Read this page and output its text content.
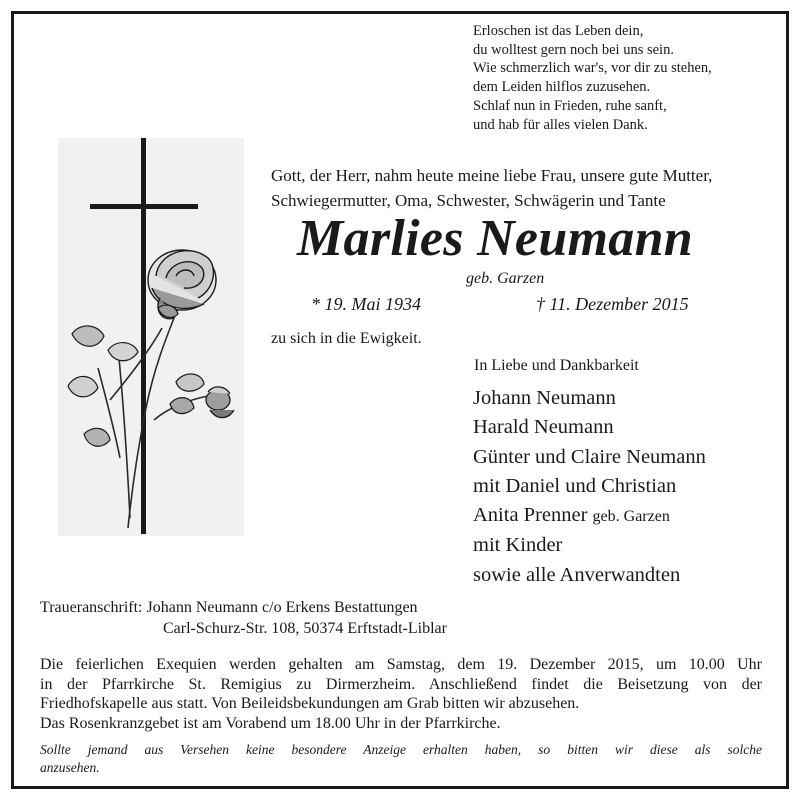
Erloschen ist das Leben dein,
du wolltest gern noch bei uns sein.
Wie schmerzlich war's, vor dir zu stehen,
dem Leiden hilflos zuzusehen.
Schlaf nun in Frieden, ruhe sanft,
und hab für alles vielen Dank.
Gott, der Herr, nahm heute meine liebe Frau, unsere gute Mutter,
Schwiegermutter, Oma, Schwester, Schwägerin und Tante
Marlies Neumann
geb. Garzen
* 19. Mai 1934	† 11. Dezember 2015
zu sich in die Ewigkeit.
In Liebe und Dankbarkeit
Johann Neumann
Harald Neumann
Günter und Claire Neumann
mit Daniel und Christian
Anita Prenner geb. Garzen
mit Kinder
sowie alle Anverwandten
Traueranschrift: Johann Neumann c/o Erkens Bestattungen
Carl-Schurz-Str. 108, 50374 Erftstadt-Liblar
Die feierlichen Exequien werden gehalten am Samstag, dem 19. Dezember 2015, um 10.00 Uhr
in der Pfarrkirche St. Remigius zu Dirmerzheim. Anschließend findet die Beisetzung von der
Friedhofskapelle aus statt. Von Beileidsbekundungen am Grab bitten wir abzusehen.
Das Rosenkranzgebet ist am Vorabend um 18.00 Uhr in der Pfarrkirche.
Sollte jemand aus Versehen keine besondere Anzeige erhalten haben, so bitten wir diese als solche
anzusehen.
